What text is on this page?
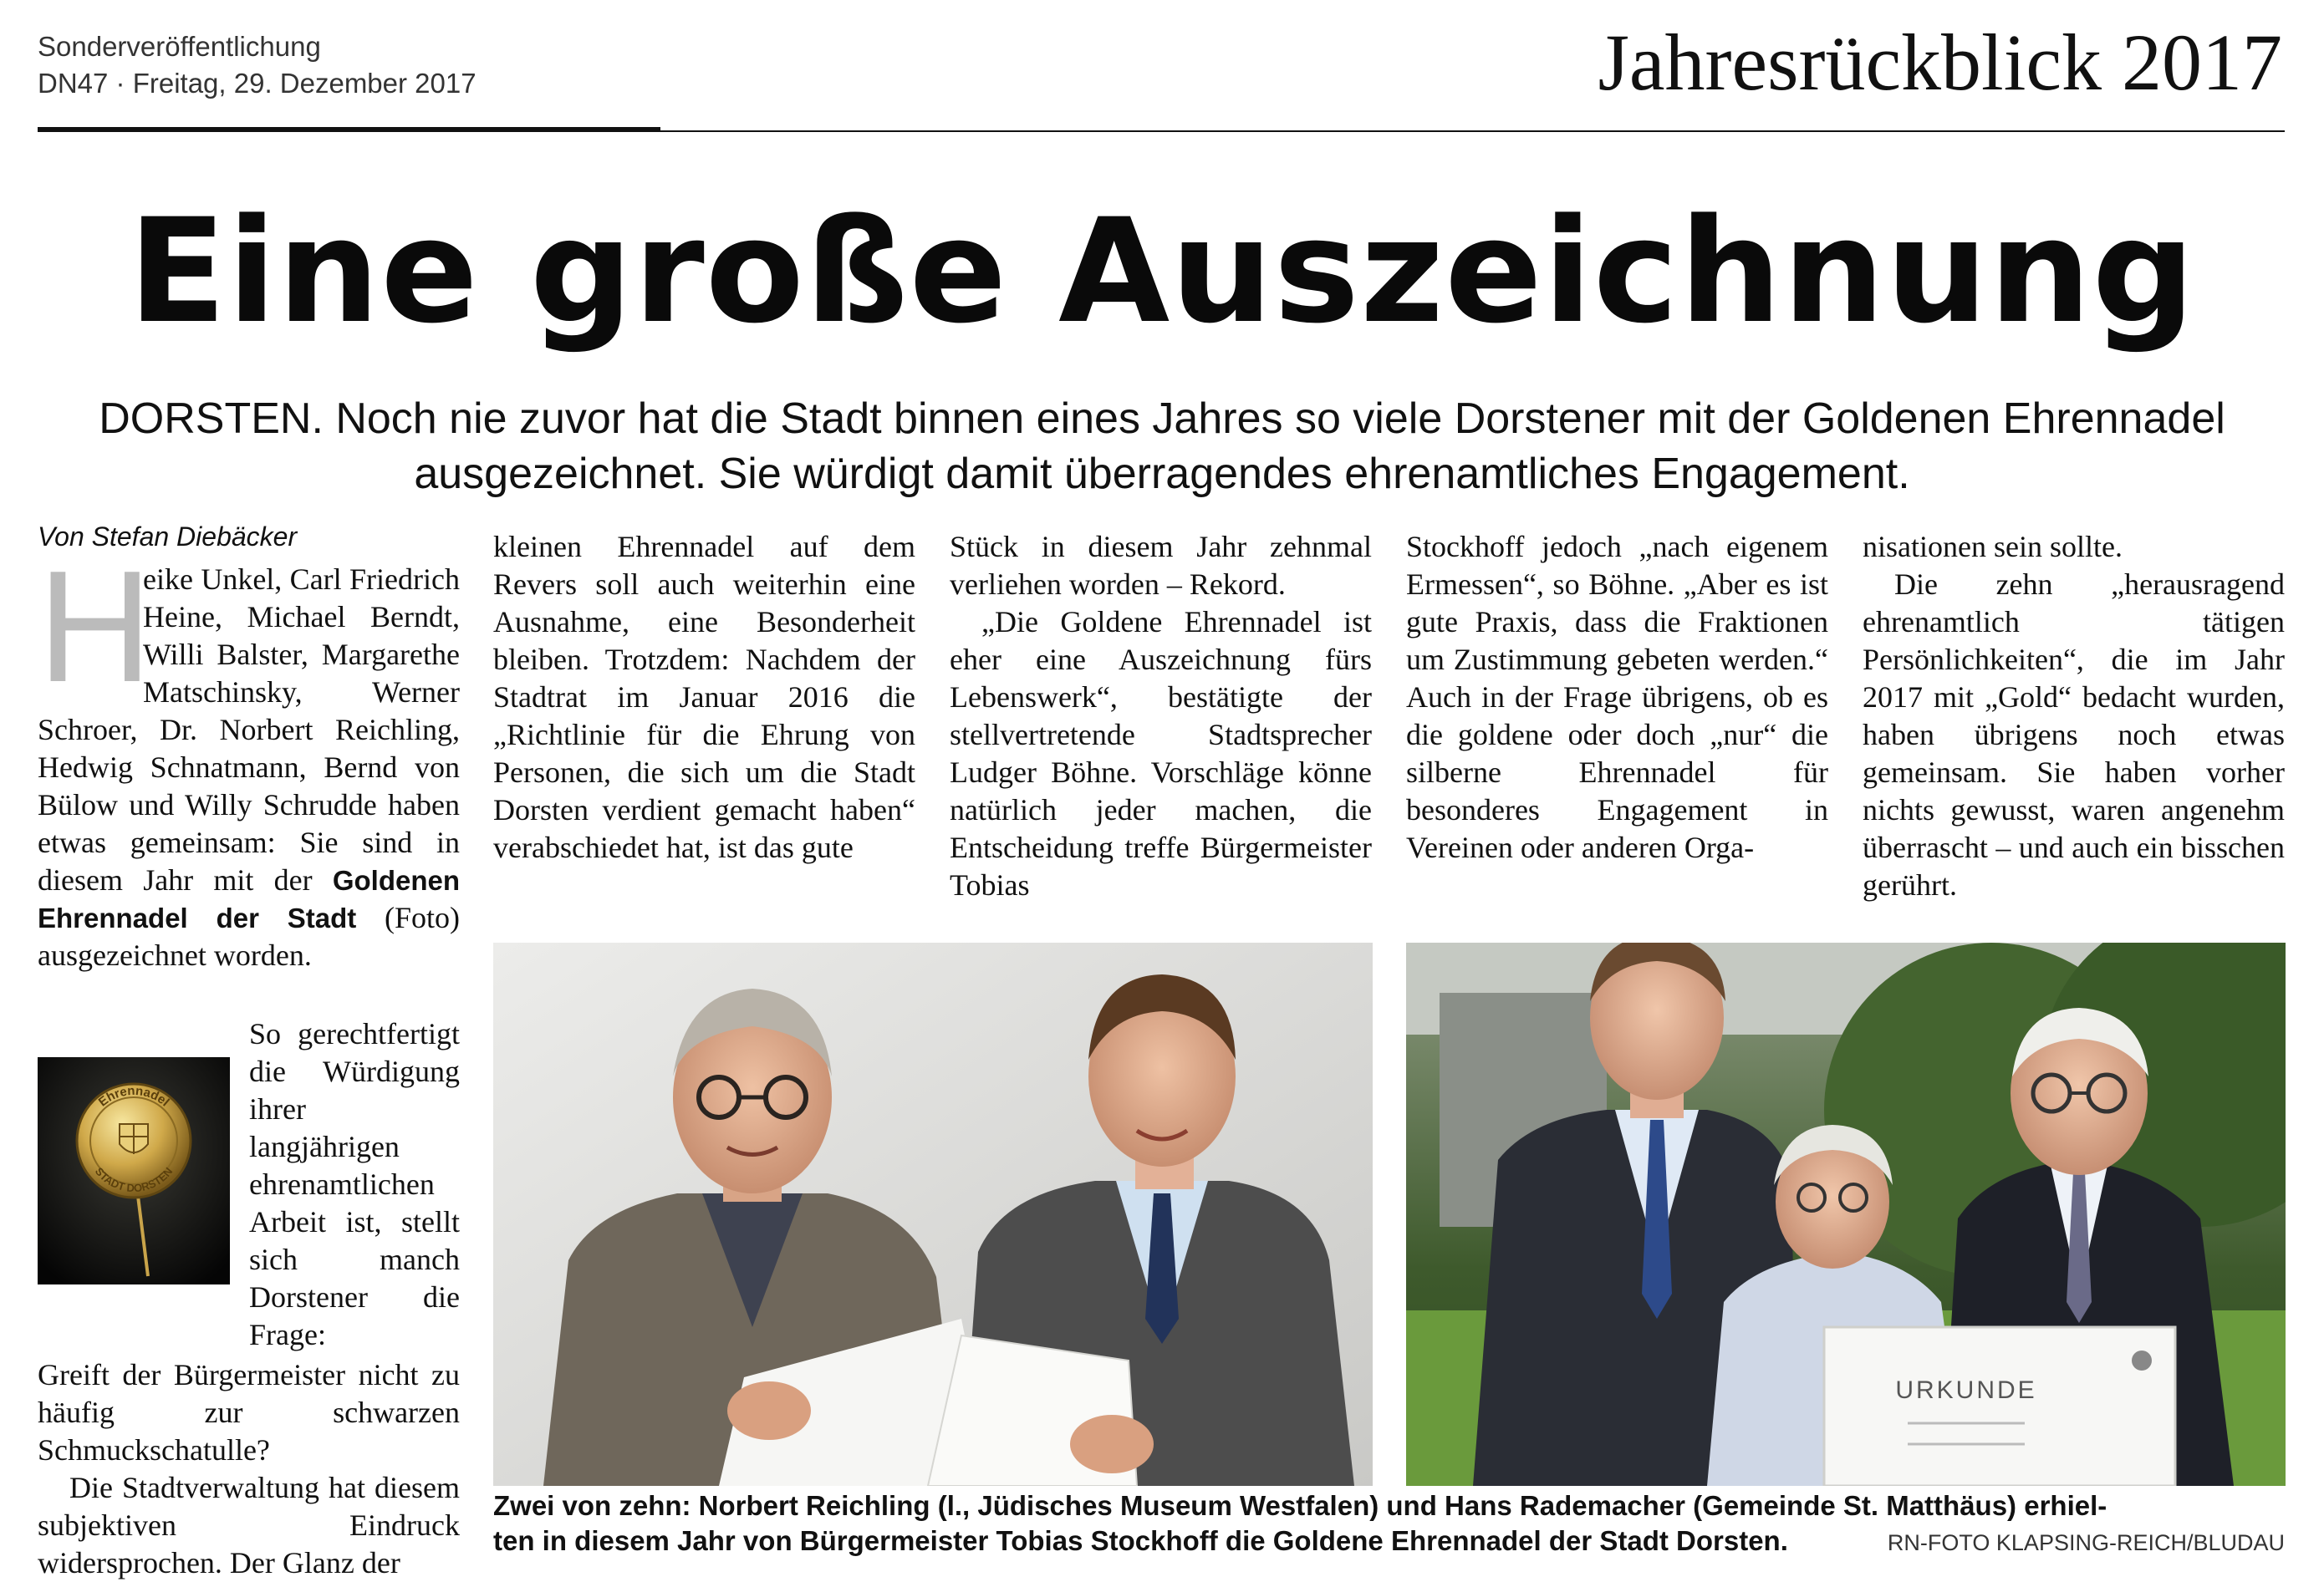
Sonderveröffentlichung
DN47 · Freitag, 29. Dezember 2017	Jahresrückblick 2017
Eine große Auszeichnung
DORSTEN. Noch nie zuvor hat die Stadt binnen eines Jahres so viele Dorstener mit der Goldenen Ehrennadel
ausgezeichnet. Sie würdigt damit überragendes ehrenamtliches Engagement.

Von Stefan Diebäcker

H
eike Unkel, Carl Friedrich Heine, Michael Berndt, Willi Balster, Margarethe Matschinsky, Werner Schroer, Dr. Norbert Reichling, Hedwig Schnatmann, Bernd von Bülow und Willy Schrudde haben etwas gemeinsam: Sie sind in diesem Jahr mit der Goldenen Ehrennadel der Stadt (Foto) ausgezeichnet worden.

Ehrennadel
STADT DORSTEN
So gerechtfertigt die Würdigung ihrer langjährigen ehrenamtlichen Arbeit ist, stellt sich manch Dorstener die Frage:

Greift der Bürgermeister nicht zu häufig zur schwarzen Schmuckschatulle?

Die Stadtverwaltung hat diesem subjektiven Eindruck widersprochen. Der Glanz der

kleinen Ehrennadel auf dem Revers soll auch weiterhin eine Ausnahme, eine Besonderheit bleiben. Trotzdem: Nachdem der Stadtrat im Januar 2016 die „Richtlinie für die Ehrung von Personen, die sich um die Stadt Dorsten verdient gemacht haben“ verabschiedet hat, ist das gute

Stück in diesem Jahr zehnmal verliehen worden – Rekord.

„Die Goldene Ehrennadel ist eher eine Auszeichnung fürs Lebenswerk“, bestätigte der stellvertretende Stadtsprecher Ludger Böhne. Vorschläge könne natürlich jeder machen, die Entscheidung treffe Bürgermeister Tobias

Stockhoff jedoch „nach eigenem Ermessen“, so Böhne. „Aber es ist gute Praxis, dass die Fraktionen um Zustimmung gebeten werden.“ Auch in der Frage übrigens, ob es die goldene oder doch „nur“ die silberne Ehrennadel für besonderes Engagement in Vereinen oder anderen Orga-

nisationen sein sollte.

Die zehn „herausragend ehrenamtlich tätigen Persönlichkeiten“, die im Jahr 2017 mit „Gold“ bedacht wurden, haben übrigens noch etwas gemeinsam. Sie haben vorher nichts gewusst, waren angenehm überrascht – und auch ein bisschen gerührt.

URKUNDE
Zwei von zehn: Norbert Reichling (l., Jüdisches Museum Westfalen) und Hans Rademacher (Gemeinde St. Matthäus) erhiel-
ten in diesem Jahr von Bürgermeister Tobias Stockhoff die Goldene Ehrennadel der Stadt Dorsten.	RN-FOTO KLAPSING-REICH/BLUDAU
